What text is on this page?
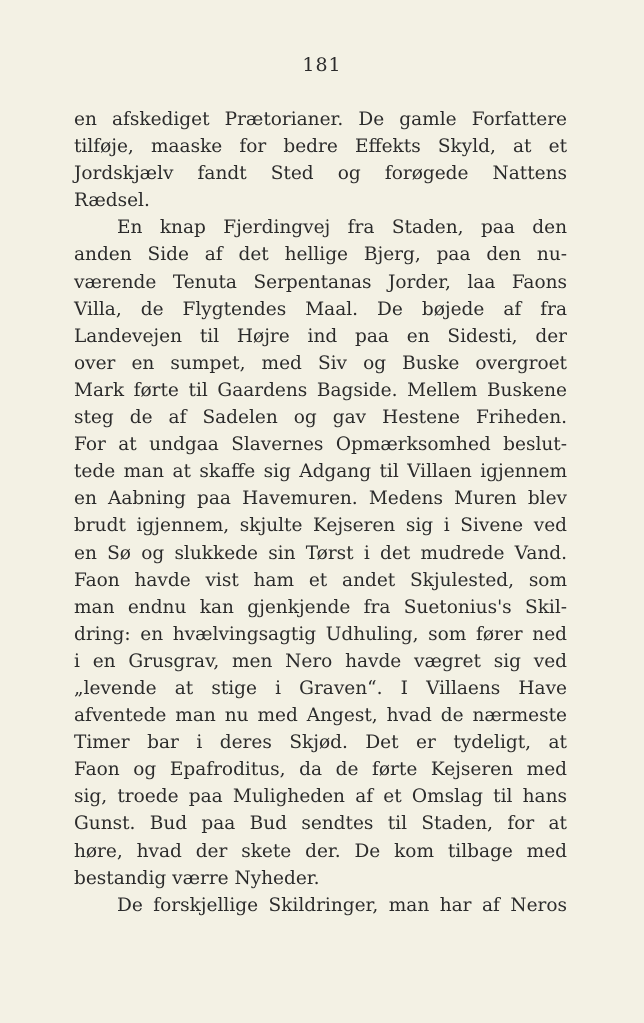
181
en afskediget Prætorianer. De gamle Forfattere
tilføje, maaske for bedre Effekts Skyld, at et
Jordskjælv fandt Sted og forøgede Nattens
Rædsel.
En knap Fjerdingvej fra Staden, paa den
anden Side af det hellige Bjerg, paa den nu-
værende Tenuta Serpentanas Jorder, laa Faons
Villa, de Flygtendes Maal. De bøjede af fra
Landevejen til Højre ind paa en Sidesti, der
over en sumpet, med Siv og Buske overgroet
Mark førte til Gaardens Bagside. Mellem Buskene
steg de af Sadelen og gav Hestene Friheden.
For at undgaa Slavernes Opmærksomhed beslut-
tede man at skaffe sig Adgang til Villaen igjennem
en Aabning paa Havemuren. Medens Muren blev
brudt igjennem, skjulte Kejseren sig i Sivene ved
en Sø og slukkede sin Tørst i det mudrede Vand.
Faon havde vist ham et andet Skjulested, som
man endnu kan gjenkjende fra Suetonius's Skil-
dring: en hvælvingsagtig Udhuling, som fører ned
i en Grusgrav, men Nero havde vægret sig ved
„levende at stige i Graven“. I Villaens Have
afventede man nu med Angest, hvad de nærmeste
Timer bar i deres Skjød. Det er tydeligt, at
Faon og Epafroditus, da de førte Kejseren med
sig, troede paa Muligheden af et Omslag til hans
Gunst. Bud paa Bud sendtes til Staden, for at
høre, hvad der skete der. De kom tilbage med
bestandig værre Nyheder.
De forskjellige Skildringer, man har af Neros
